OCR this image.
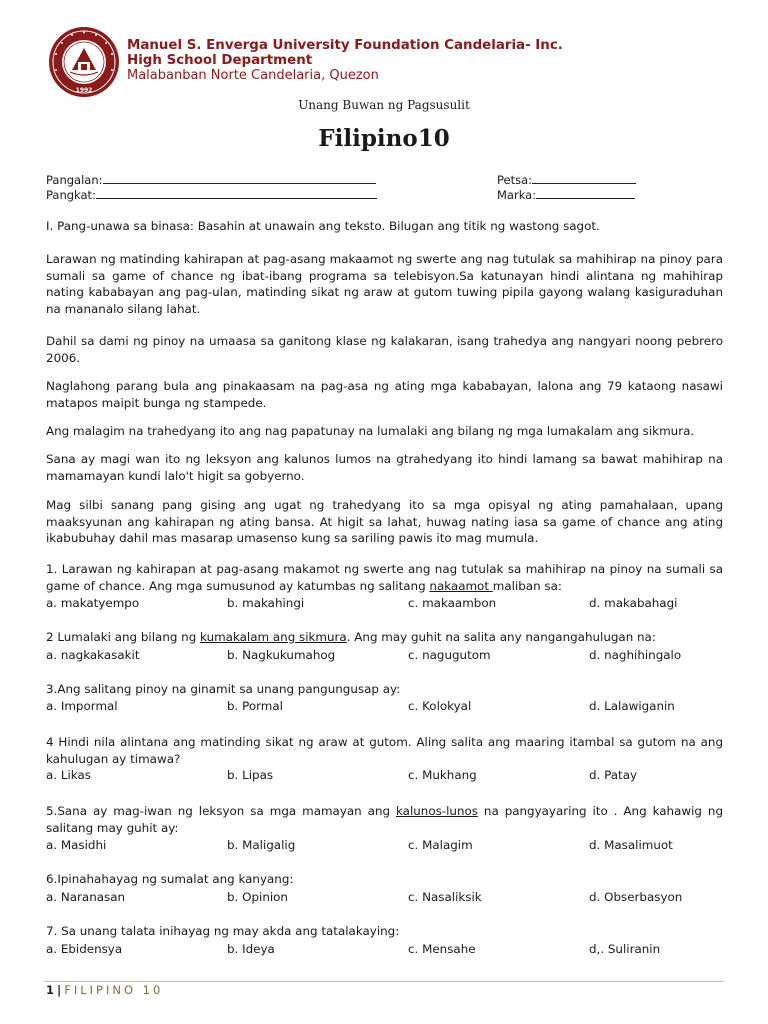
1992
Manuel S. Enverga University Foundation Candelaria- Inc.
High School Department
Malabanban Norte Candelaria, Quezon
Unang Buwan ng Pagsusulit
Filipino10
Pangalan:
Pangkat:
Petsa:
Marka:

I. Pang-unawa sa binasa: Basahin at unawain ang teksto. Bilugan ang titik ng wastong sagot.

Larawan ng matinding kahirapan at pag-asang makaamot ng swerte ang nag tutulak sa mahihirap na pinoy para sumali sa game of chance ng ibat-ibang programa sa telebisyon.Sa katunayan hindi alintana ng mahihirap nating kababayan ang pag-ulan, matinding sikat ng araw at gutom tuwing pipila gayong walang kasiguraduhan na mananalo silang lahat.

Dahil sa dami ng pinoy na umaasa sa ganitong klase ng kalakaran, isang trahedya ang nangyari noong pebrero 2006.

Naglahong parang bula ang pinakaasam na pag-asa ng ating mga kababayan, lalona ang 79 kataong nasawi matapos maipit bunga ng stampede.

Ang malagim na trahedyang ito ang nag papatunay na lumalaki ang bilang ng mga lumakalam ang sikmura.

Sana ay magi wan ito ng leksyon ang kalunos lumos na gtrahedyang ito hindi lamang sa bawat mahihirap na mamamayan kundi lalo't higit sa gobyerno.

Mag silbi sanang pang gising ang ugat ng trahedyang ito sa mga opisyal ng ating pamahalaan, upang maaksyunan ang kahirapan ng ating bansa. At higit sa lahat, huwag nating iasa sa game of chance ang ating ikabubuhay dahil mas masarap umasenso kung sa sariling pawis ito mag mumula.

1. Larawan ng kahirapan at pag-asang makamot ng swerte ang nag tutulak sa mahihirap na pinoy na sumali sa game of chance. Ang mga sumusunod ay katumbas ng salitang nakaamot maliban sa:

a. makatyempo	b. makahingi	c. makaambon	d. makabahagi

2 Lumalaki ang bilang ng kumakalam ang sikmura. Ang may guhit na salita any nangangahulugan na:

a. nagkakasakit	b. Nagkukumahog	c. nagugutom	d. naghihingalo

3.Ang salitang pinoy na ginamit sa unang pangungusap ay:

a. Impormal	b. Pormal	c. Kolokyal	d. Lalawiganin

4 Hindi nila alintana ang matinding sikat ng araw at gutom. Aling salita ang maaring itambal sa gutom na ang kahulugan ay timawa?

a. Likas	b. Lipas	c. Mukhang	d. Patay

5.Sana ay mag-iwan ng leksyon sa mga mamayan ang kalunos-lunos na pangyayaring ito . Ang kahawig ng salitang may guhit ay:

a. Masidhi	b. Maligalig	c. Malagim	d. Masalimuot

6.Ipinahahayag ng sumalat ang kanyang:

a. Naranasan	b. Opinion	c. Nasaliksik	d. Obserbasyon

7. Sa unang talata inihayag ng may akda ang tatalakaying:

a. Ebidensya	b. Ideya	c. Mensahe	d,. Suliranin
1 | FILIPINO 10
